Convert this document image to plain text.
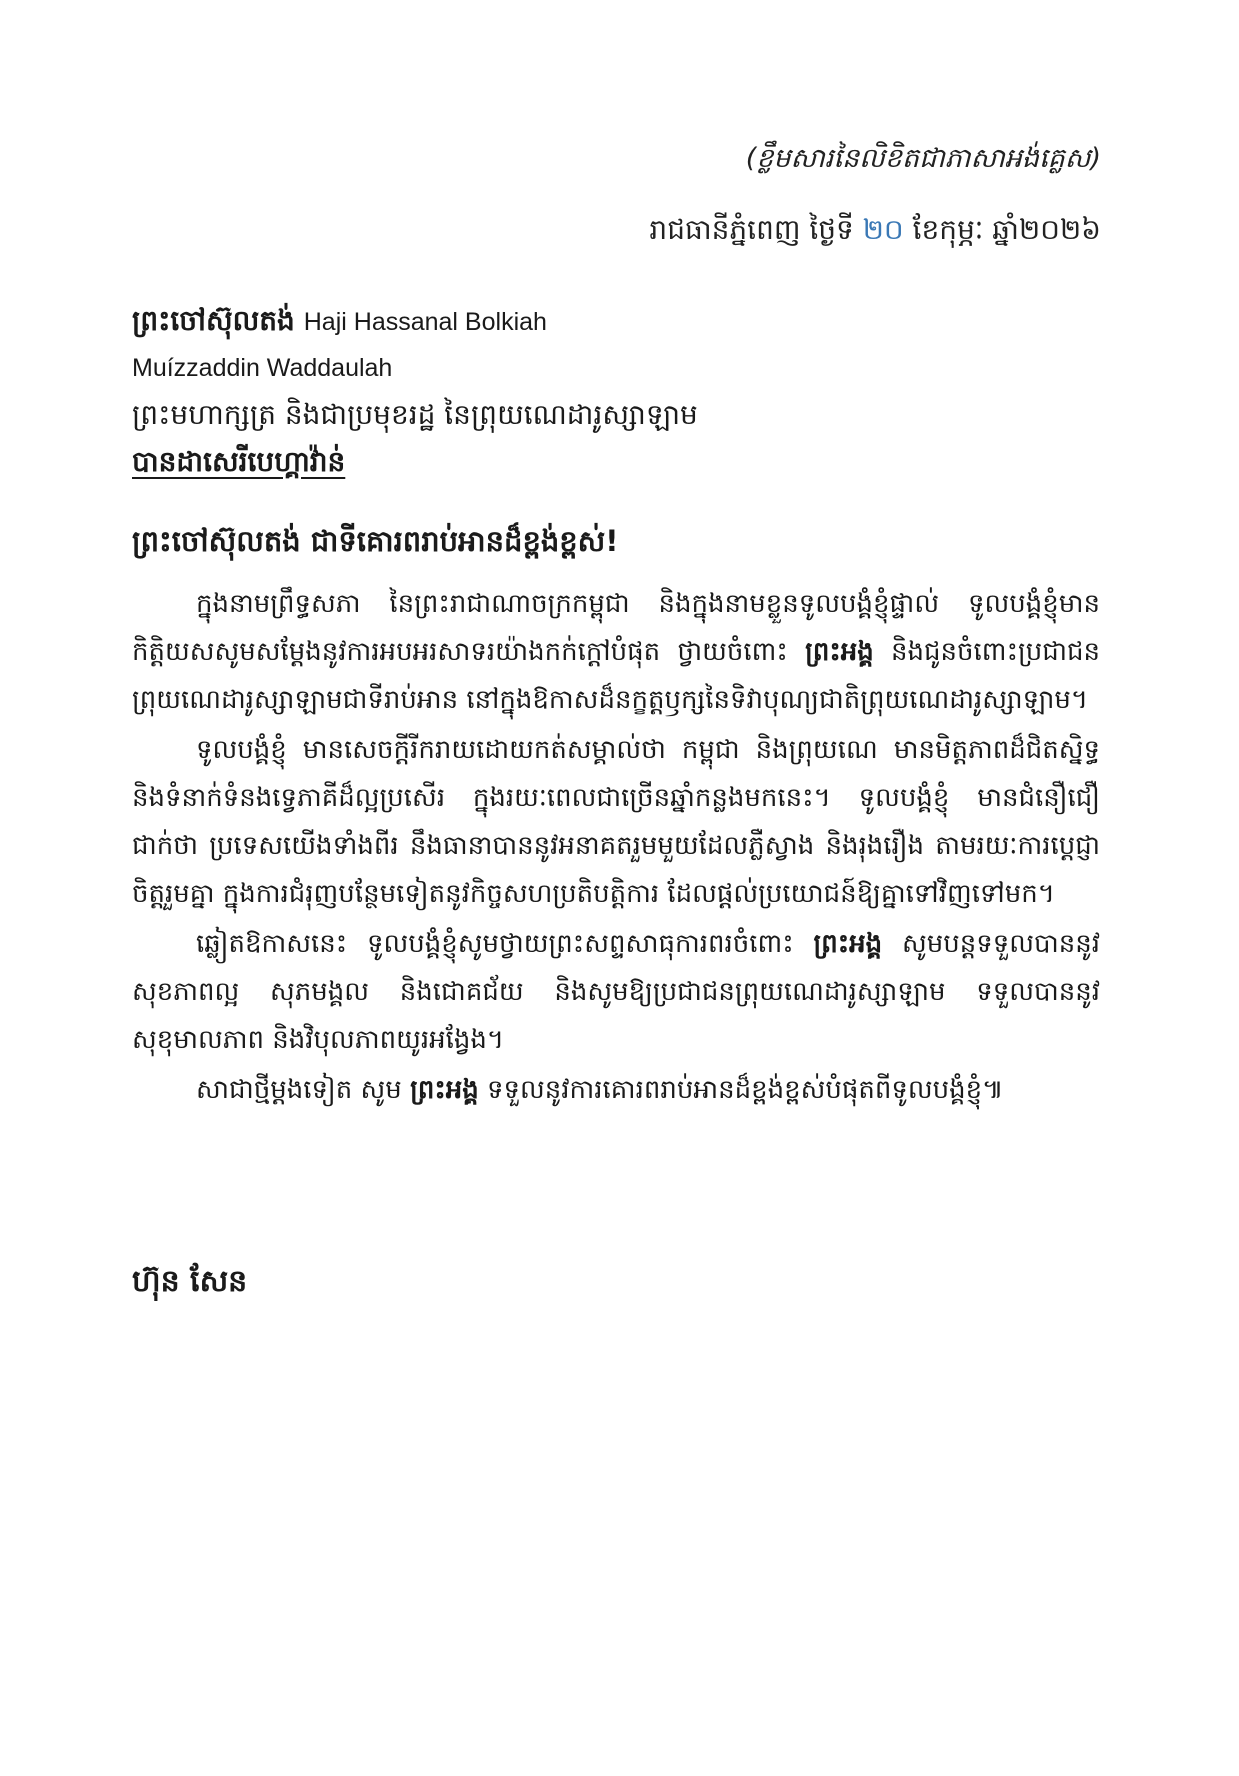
(ខ្លឹមសារនៃលិខិតជាភាសាអង់គ្លេស)
រាជធានីភ្នំពេញ ថ្ងៃទី ២០ ខែកុម្ភៈ ឆ្នាំ២០២៦
ព្រះចៅស៊ុលតង់ Haji Hassanal Bolkiah
Muízzaddin Waddaulah
ព្រះមហាក្សត្រ និងជាប្រមុខរដ្ឋ នៃព្រុយណេដារូស្សាឡាម
បានដាសេរីបេហ្គាវ៉ាន់
ព្រះចៅស៊ុលតង់ ជាទីគោរពរាប់អានដ៏ខ្ពង់ខ្ពស់!

ក្នុងនាមព្រឹទ្ធសភា នៃព្រះរាជាណាចក្រកម្ពុជា និងក្នុងនាមខ្លួនទូលបង្គំខ្ញុំផ្ទាល់ ទូលបង្គំខ្ញុំមានកិត្តិយសសូមសម្តែងនូវការអបអរសាទរយ៉ាងកក់ក្តៅបំផុត ថ្វាយចំពោះ ព្រះអង្គ និងជូនចំពោះប្រជាជនព្រុយណេដារូស្សាឡាមជាទីរាប់អាន នៅក្នុងឱកាសដ៏នក្ខត្តឫក្សនៃទិវាបុណ្យជាតិព្រុយណេដារូស្សាឡាម។

ទូលបង្គំខ្ញុំ មានសេចក្តីរីករាយដោយកត់សម្គាល់ថា កម្ពុជា និងព្រុយណេ មានមិត្តភាពដ៏ជិតស្និទ្ធ និងទំនាក់ទំនងទ្វេភាគីដ៏ល្អប្រសើរ ក្នុងរយៈពេលជាច្រើនឆ្នាំកន្លងមកនេះ។ ទូលបង្គំខ្ញុំ មានជំនឿជឿជាក់ថា ប្រទេសយើងទាំងពីរ នឹងធានាបាននូវអនាគតរួមមួយដែលភ្លឺស្វាង និងរុងរឿង តាមរយៈការប្តេជ្ញាចិត្តរួមគ្នា ក្នុងការជំរុញបន្ថែមទៀតនូវកិច្ចសហប្រតិបត្តិការ ដែលផ្តល់ប្រយោជន៍ឱ្យគ្នាទៅវិញទៅមក។

ឆ្លៀតឱកាសនេះ ទូលបង្គំខ្ញុំសូមថ្វាយព្រះសព្ទសាធុការពរចំពោះ ព្រះអង្គ សូមបន្តទទួលបាននូវសុខភាពល្អ សុភមង្គល និងជោគជ័យ និងសូមឱ្យប្រជាជនព្រុយណេដារូស្សាឡាម ទទួលបាននូវសុខុមាលភាព និងវិបុលភាពយូរអង្វែង។

សាជាថ្មីម្តងទៀត សូម ព្រះអង្គ ទទួលនូវការគោរពរាប់អានដ៏ខ្ពង់ខ្ពស់បំផុតពីទូលបង្គំខ្ញុំ៕

ហ៊ុន សែន
